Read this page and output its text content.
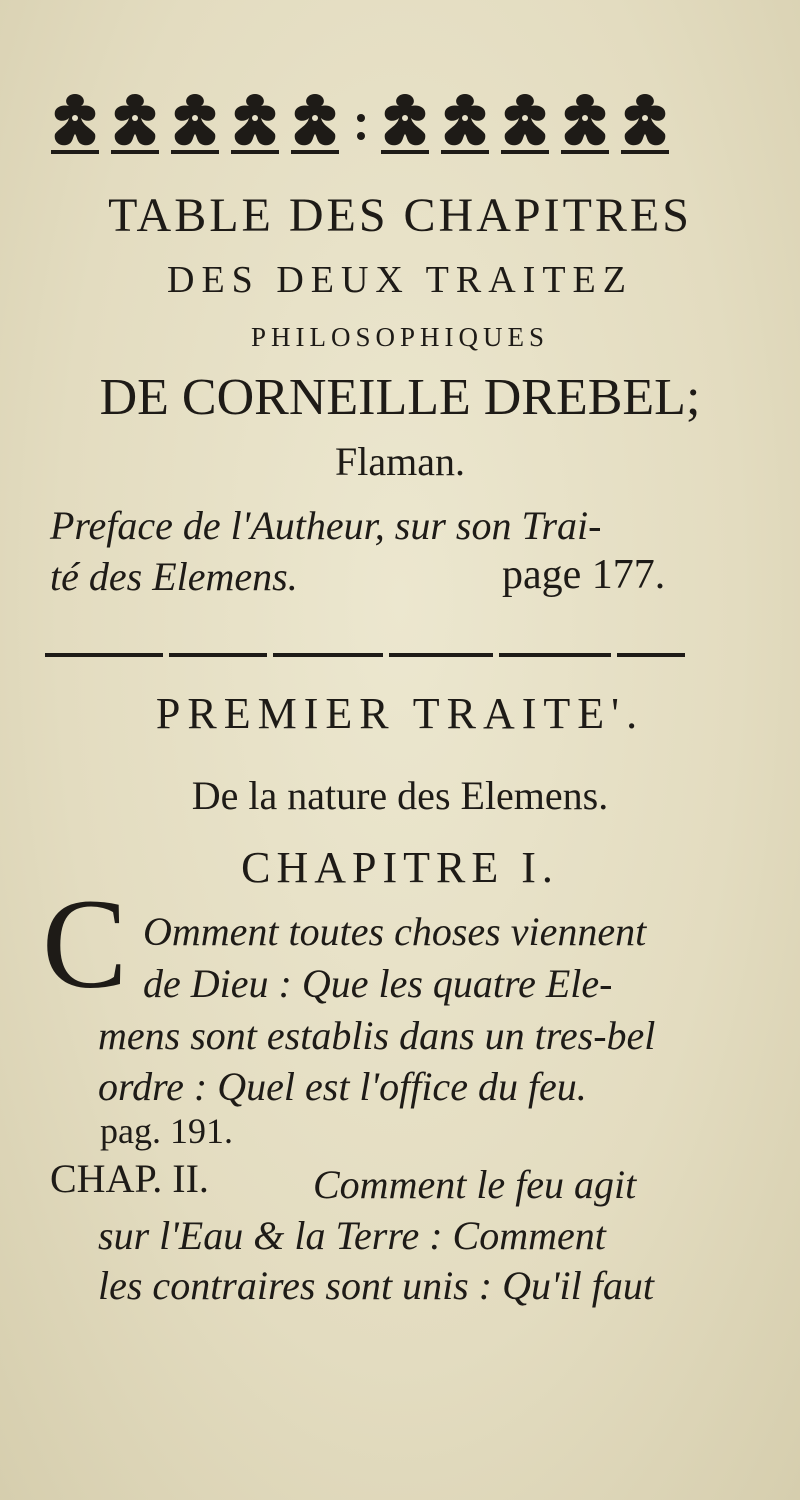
TABLE DES CHAPITRES
DES DEUX TRAITEZ
PHILOSOPHIQUES
DE CORNEILLE DREBEL;
Flaman.
Preface de l'Autheur, sur son Trai-
té des Elemens.	page 177.
PREMIER TRAITE'.
De la nature des Elemens.
CHAPITRE I.
C Omment toutes choses viennent
de Dieu : Que les quatre Ele-
mens sont establis dans un tres-bel
ordre : Quel est l'office du feu.
pag. 191.
CHAP. II.	Comment le feu agit
sur l'Eau & la Terre : Comment
les contraires sont unis : Qu'il faut
